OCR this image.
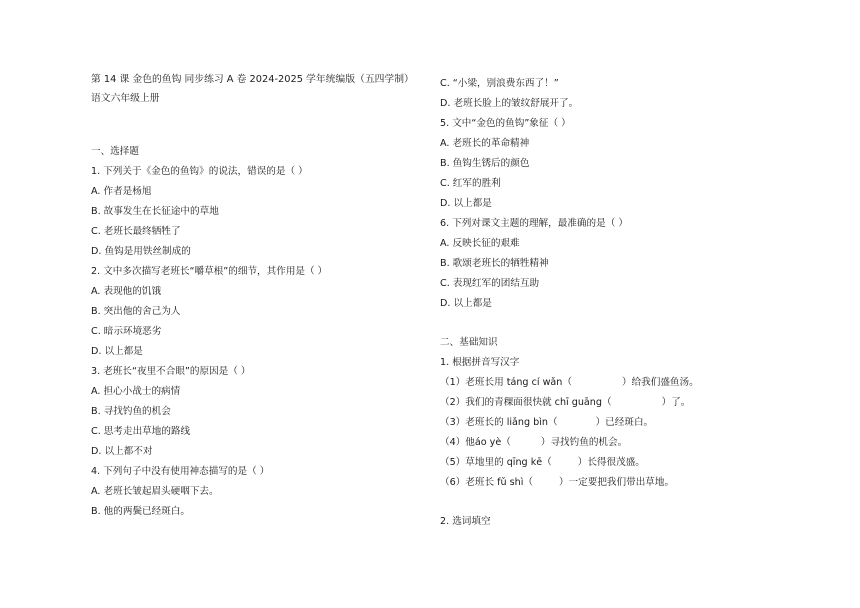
第 14 课 金色的鱼钩 同步练习 A 卷 2024-2025 学年统编版（五四学制）
语文六年级上册
一、选择题
1. 下列关于《金色的鱼钩》的说法，错误的是（ ）
A. 作者是杨旭
B. 故事发生在长征途中的草地
C. 老班长最终牺牲了
D. 鱼钩是用铁丝制成的
2. 文中多次描写老班长“嚼草根”的细节，其作用是（ ）
A. 表现他的饥饿
B. 突出他的舍己为人
C. 暗示环境恶劣
D. 以上都是
3. 老班长“夜里不合眼”的原因是（ ）
A. 担心小战士的病情
B. 寻找钓鱼的机会
C. 思考走出草地的路线
D. 以上都不对
4. 下列句子中没有使用神态描写的是（ ）
A. 老班长皱起眉头硬咽下去。
B. 他的两鬓已经斑白。
C. “小梁，别浪费东西了！”
D. 老班长脸上的皱纹舒展开了。
5. 文中“金色的鱼钩”象征（ ）
A. 老班长的革命精神
B. 鱼钩生锈后的颜色
C. 红军的胜利
D. 以上都是
6. 下列对课文主题的理解，最准确的是（ ）
A. 反映长征的艰难
B. 歌颂老班长的牺牲精神
C. 表现红军的团结互助
D. 以上都是
二、基础知识
1. 根据拼音写汉字
（1）老班长用 táng cí wǎn（	）给我们盛鱼汤。
（2）我们的青稞面很快就 chī guāng（	）了。
（3）老班长的 liǎng bìn（	）已经斑白。
（4）他áo yè（	）寻找钓鱼的机会。
（5）草地里的 qīng kē（	）长得很茂盛。
（6）老班长 fǔ shì（	）一定要把我们带出草地。
2. 选词填空
